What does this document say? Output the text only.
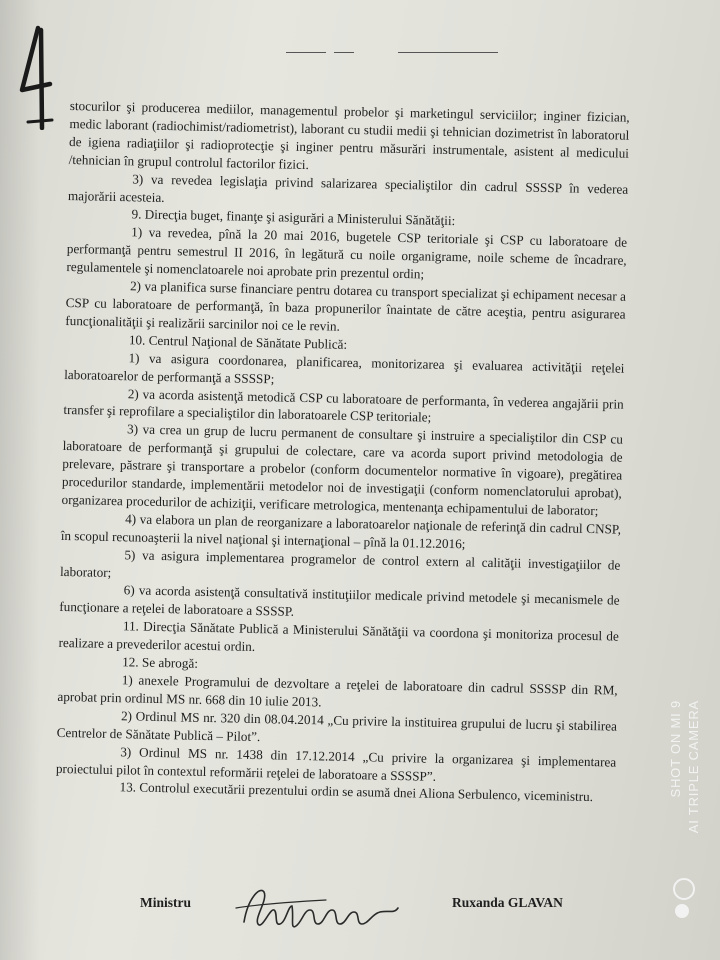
stocurilor şi producerea mediilor, managementul probelor şi marketingul serviciilor; inginer fizician, medic laborant (radiochimist/radiometrist), laborant cu studii medii şi tehnician dozimetrist în laboratorul de igiena radiaţiilor şi radioprotecţie şi inginer pentru măsurări instrumentale, asistent al medicului /tehnician în grupul controlul factorilor fizici.

3) va revedea legislaţia privind salarizarea specialiştilor din cadrul SSSSP în vederea majorării acesteia.

9. Direcţia buget, finanţe şi asigurări a Ministerului Sănătăţii:

1) va revedea, pînă la 20 mai 2016, bugetele CSP teritoriale şi CSP cu laboratoare de performanţă pentru semestrul II 2016, în legătură cu noile organigrame, noile scheme de încadrare, regulamentele şi nomenclatoarele noi aprobate prin prezentul ordin;

2) va planifica surse financiare pentru dotarea cu transport specializat şi echipament necesar a CSP cu laboratoare de performanţă, în baza propunerilor înaintate de către aceştia, pentru asigurarea funcţionalităţii şi realizării sarcinilor noi ce le revin.

10. Centrul Naţional de Sănătate Publică:

1) va asigura coordonarea, planificarea, monitorizarea şi evaluarea activităţii reţelei laboratoarelor de performanţă a SSSSP;

2) va acorda asistenţă metodică CSP cu laboratoare de performanta, în vederea angajării prin transfer şi reprofilare a specialiştilor din laboratoarele CSP teritoriale;

3) va crea un grup de lucru permanent de consultare şi instruire a specialiştilor din CSP cu laboratoare de performanţă şi grupului de colectare, care va acorda suport privind metodologia de prelevare, păstrare şi transportare a probelor (conform documentelor normative în vigoare), pregătirea procedurilor standarde, implementării metodelor noi de investigaţii (conform nomenclatorului aprobat), organizarea procedurilor de achiziţii, verificare metrologica, mentenanţa echipamentului de laborator;

4) va elabora un plan de reorganizare a laboratoarelor naţionale de referinţă din cadrul CNSP, în scopul recunoaşterii la nivel naţional şi internaţional – pînă la 01.12.2016;

5) va asigura implementarea programelor de control extern al calităţii investigaţiilor de laborator;

6) va acorda asistenţă consultativă instituţiilor medicale privind metodele şi mecanismele de funcţionare a reţelei de laboratoare a SSSSP.

11. Direcţia Sănătate Publică a Ministerului Sănătăţii va coordona şi monitoriza procesul de realizare a prevederilor acestui ordin.

12. Se abrogă:

1) anexele Programului de dezvoltare a reţelei de laboratoare din cadrul SSSSP din RM, aprobat prin ordinul MS nr. 668 din 10 iulie 2013.

2) Ordinul MS nr. 320 din 08.04.2014 „Cu privire la instituirea grupului de lucru şi stabilirea Centrelor de Sănătate Publică – Pilot”.

3) Ordinul MS nr. 1438 din 17.12.2014 „Cu privire la organizarea şi implementarea proiectului pilot în contextul reformării reţelei de laboratoare a SSSSP”.

13. Controlul executării prezentului ordin se asumă dnei Aliona Serbulenco, viceministru.

Ministru	Ruxanda GLAVAN
SHOT ON MI 9 AI TRIPLE CAMERA
